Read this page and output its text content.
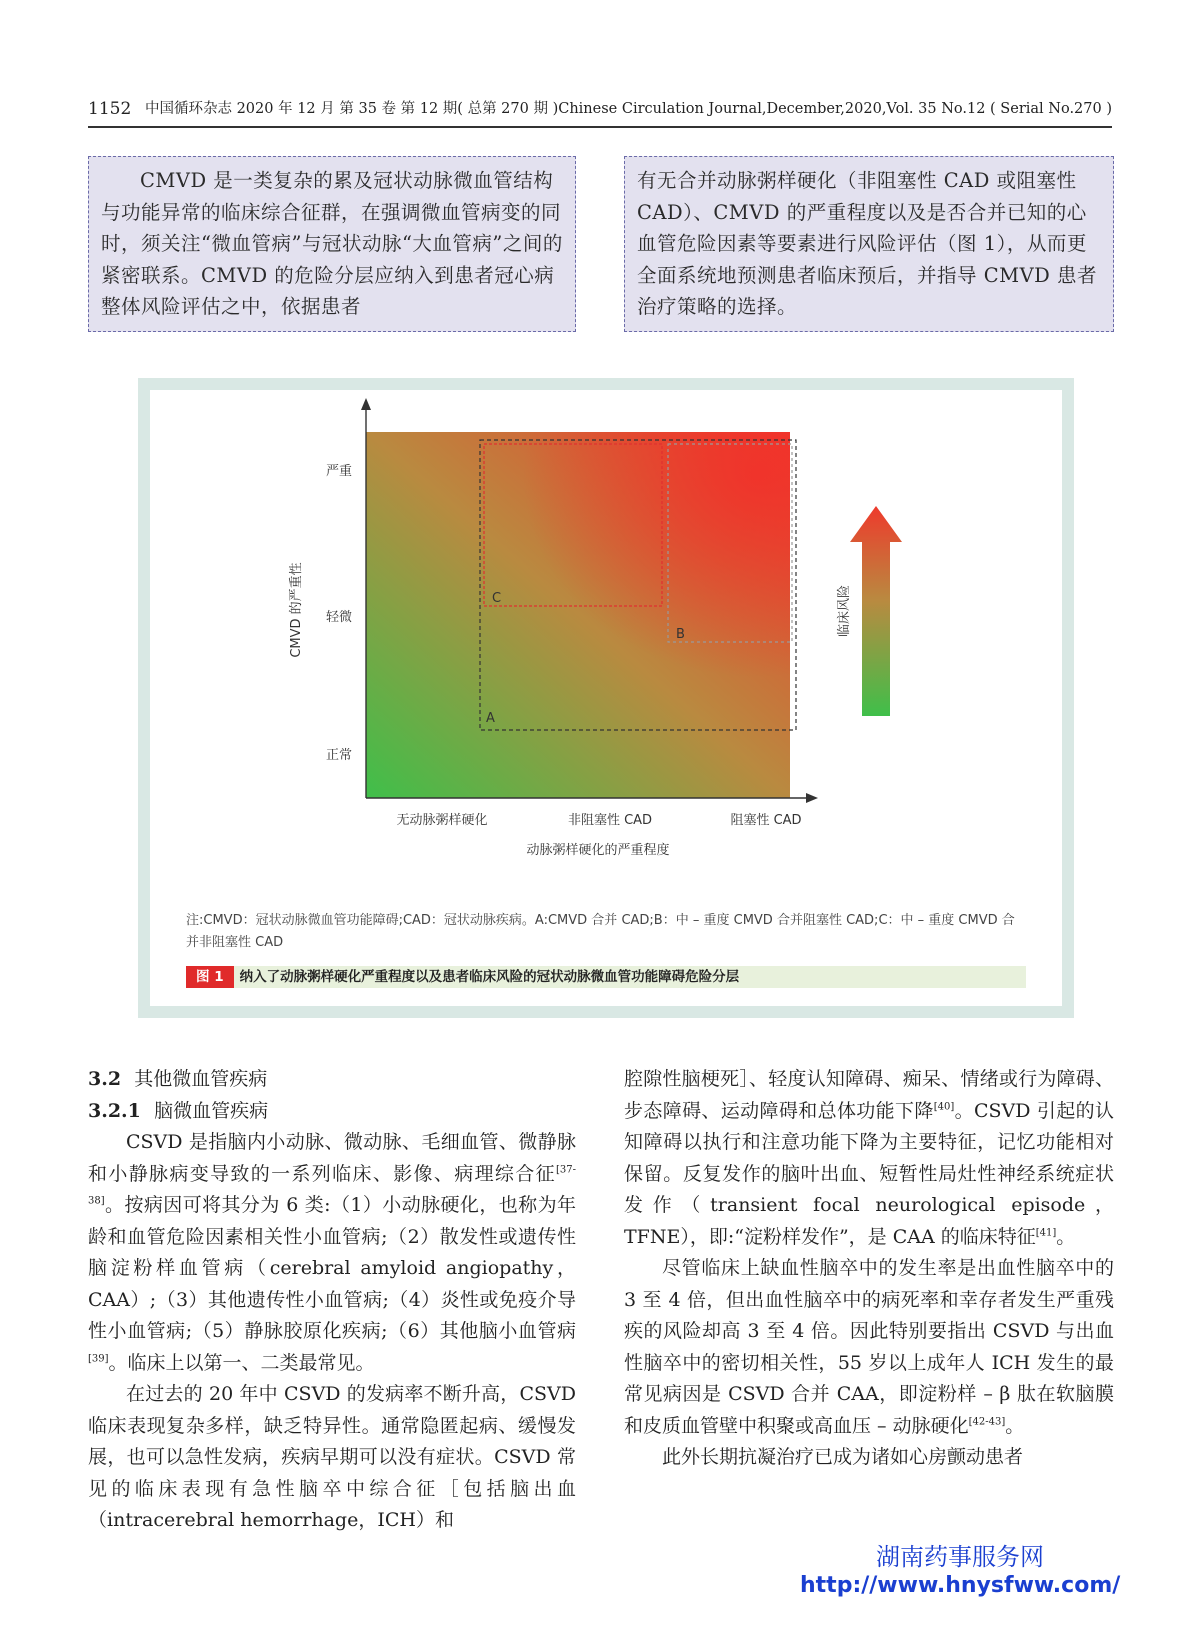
1152 中国循环杂志 2020 年 12 月 第 35 卷 第 12 期( 总第 270 期 )Chinese Circulation Journal,December,2020,Vol. 35 No.12 ( Serial No.270 )
CMVD 是一类复杂的累及冠状动脉微血管结构与功能异常的临床综合征群，在强调微血管病变的同时，须关注“微血管病”与冠状动脉“大血管病”之间的紧密联系。CMVD 的危险分层应纳入到患者冠心病整体风险评估之中，依据患者
有无合并动脉粥样硬化（非阻塞性 CAD 或阻塞性 CAD）、CMVD 的严重程度以及是否合并已知的心血管危险因素等要素进行风险评估（图 1），从而更全面系统地预测患者临床预后，并指导 CMVD 患者治疗策略的选择。
无动脉粥样硬化	非阻塞性 CAD	阻塞性 CAD
正常
轻微
严重
动脉粥样硬化的严重程度
CMVD 的严重性
A
B
C	临床风险
注:CMVD：冠状动脉微血管功能障碍;CAD：冠状动脉疾病。A:CMVD 合并 CAD;B：中 – 重度 CMVD 合并阻塞性 CAD;C：中 – 重度 CMVD 合并非阻塞性 CAD
图 1 纳入了动脉粥样硬化严重程度以及患者临床风险的冠状动脉微血管功能障碍危险分层

3.2 其他微血管疾病

3.2.1 脑微血管疾病

CSVD 是指脑内小动脉、微动脉、毛细血管、微静脉和小静脉病变导致的一系列临床、影像、病理综合征[37-38]。按病因可将其分为 6 类:（1）小动脉硬化，也称为年龄和血管危险因素相关性小血管病;（2）散发性或遗传性脑淀粉样血管病（cerebral amyloid angiopathy，CAA）;（3）其他遗传性小血管病;（4）炎性或免疫介导性小血管病;（5）静脉胶原化疾病;（6）其他脑小血管病[39]。临床上以第一、二类最常见。

在过去的 20 年中 CSVD 的发病率不断升高，CSVD 临床表现复杂多样，缺乏特异性。通常隐匿起病、缓慢发展，也可以急性发病，疾病早期可以没有症状。CSVD 常见的临床表现有急性脑卒中综合征［包括脑出血（intracerebral hemorrhage，ICH）和

腔隙性脑梗死］、轻度认知障碍、痴呆、情绪或行为障碍、步态障碍、运动障碍和总体功能下降[40]。CSVD 引起的认知障碍以执行和注意功能下降为主要特征，记忆功能相对保留。反复发作的脑叶出血、短暂性局灶性神经系统症状发作（transient focal neurological episode，TFNE），即:“淀粉样发作”，是 CAA 的临床特征[41]。

尽管临床上缺血性脑卒中的发生率是出血性脑卒中的 3 至 4 倍，但出血性脑卒中的病死率和幸存者发生严重残疾的风险却高 3 至 4 倍。因此特别要指出 CSVD 与出血性脑卒中的密切相关性，55 岁以上成年人 ICH 发生的最常见病因是 CSVD 合并 CAA，即淀粉样 – β 肽在软脑膜和皮质血管壁中积聚或高血压 – 动脉硬化[42-43]。

此外长期抗凝治疗已成为诸如心房颤动患者

湖南药事服务网
http://www.hnysfww.com/
